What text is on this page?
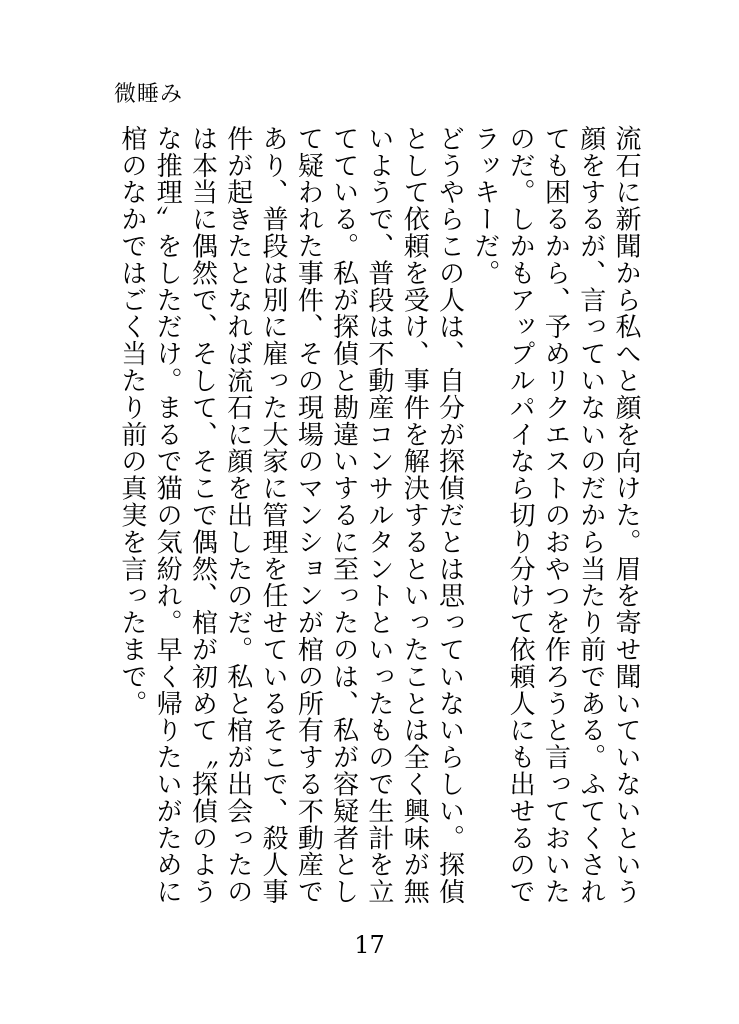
微睡み

流石に新聞から私へと顔を向けた。眉を寄せ聞いていないという顔をするが、言っていないのだから当たり前である。ふてくされても困るから、予めリクエストのおやつを作ろうと言っておいたのだ。しかもアップルパイなら切り分けて依頼人にも出せるのでラッキーだ。

どうやらこの人は、自分が探偵だとは思っていないらしい。探偵として依頼を受け、事件を解決するといったことは全く興味が無いようで、普段は不動産コンサルタントといったもので生計を立てている。私が探偵と勘違いするに至ったのは、私が容疑者として疑われた事件、その現場のマンションが棺の所有する不動産であり、普段は別に雇った大家に管理を任せているそこで、殺人事件が起きたとなれば流石に顔を出したのだ。私と棺が出会ったのは本当に偶然で、そして、そこで偶然、棺が初めて〝探偵のような推理〟をしただけ。まるで猫の気紛れ。早く帰りたいがために棺のなかではごく当たり前の真実を言ったまで。

17
